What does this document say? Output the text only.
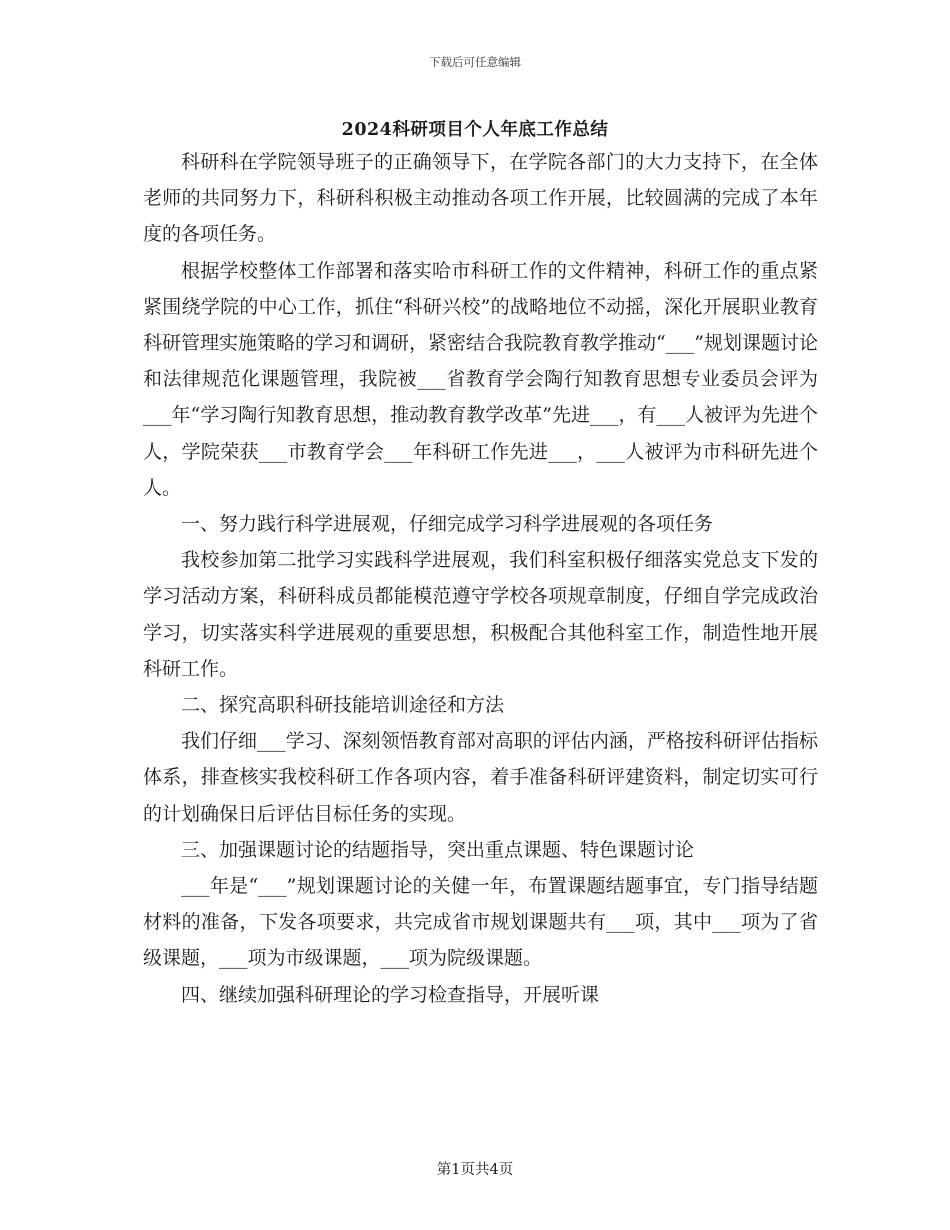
下载后可任意编辑
2024科研项目个人年底工作总结

科研科在学院领导班子的正确领导下，在学院各部门的大力支持下，在全体老师的共同努力下，科研科积极主动推动各项工作开展，比较圆满的完成了本年度的各项任务。

根据学校整体工作部署和落实哈市科研工作的文件精神，科研工作的重点紧紧围绕学院的中心工作，抓住“科研兴校”的战略地位不动摇，深化开展职业教育科研管理实施策略的学习和调研，紧密结合我院教育教学推动“___”规划课题讨论和法律规范化课题管理，我院被___省教育学会陶行知教育思想专业委员会评为___年“学习陶行知教育思想，推动教育教学改革”先进___，有___人被评为先进个人，学院荣获___市教育学会___年科研工作先进___，___人被评为市科研先进个人。

一、努力践行科学进展观，仔细完成学习科学进展观的各项任务

我校参加第二批学习实践科学进展观，我们科室积极仔细落实党总支下发的学习活动方案，科研科成员都能模范遵守学校各项规章制度，仔细自学完成政治学习，切实落实科学进展观的重要思想，积极配合其他科室工作，制造性地开展科研工作。

二、探究高职科研技能培训途径和方法

我们仔细___学习、深刻领悟教育部对高职的评估内涵，严格按科研评估指标体系，排查核实我校科研工作各项内容，着手准备科研评建资料，制定切实可行的计划确保日后评估目标任务的实现。

三、加强课题讨论的结题指导，突出重点课题、特色课题讨论

___年是“___”规划课题讨论的关健一年，布置课题结题事宜，专门指导结题材料的准备，下发各项要求，共完成省市规划课题共有___项，其中___项为了省级课题，___项为市级课题，___项为院级课题。

四、继续加强科研理论的学习检查指导，开展听课

第1页共4页
